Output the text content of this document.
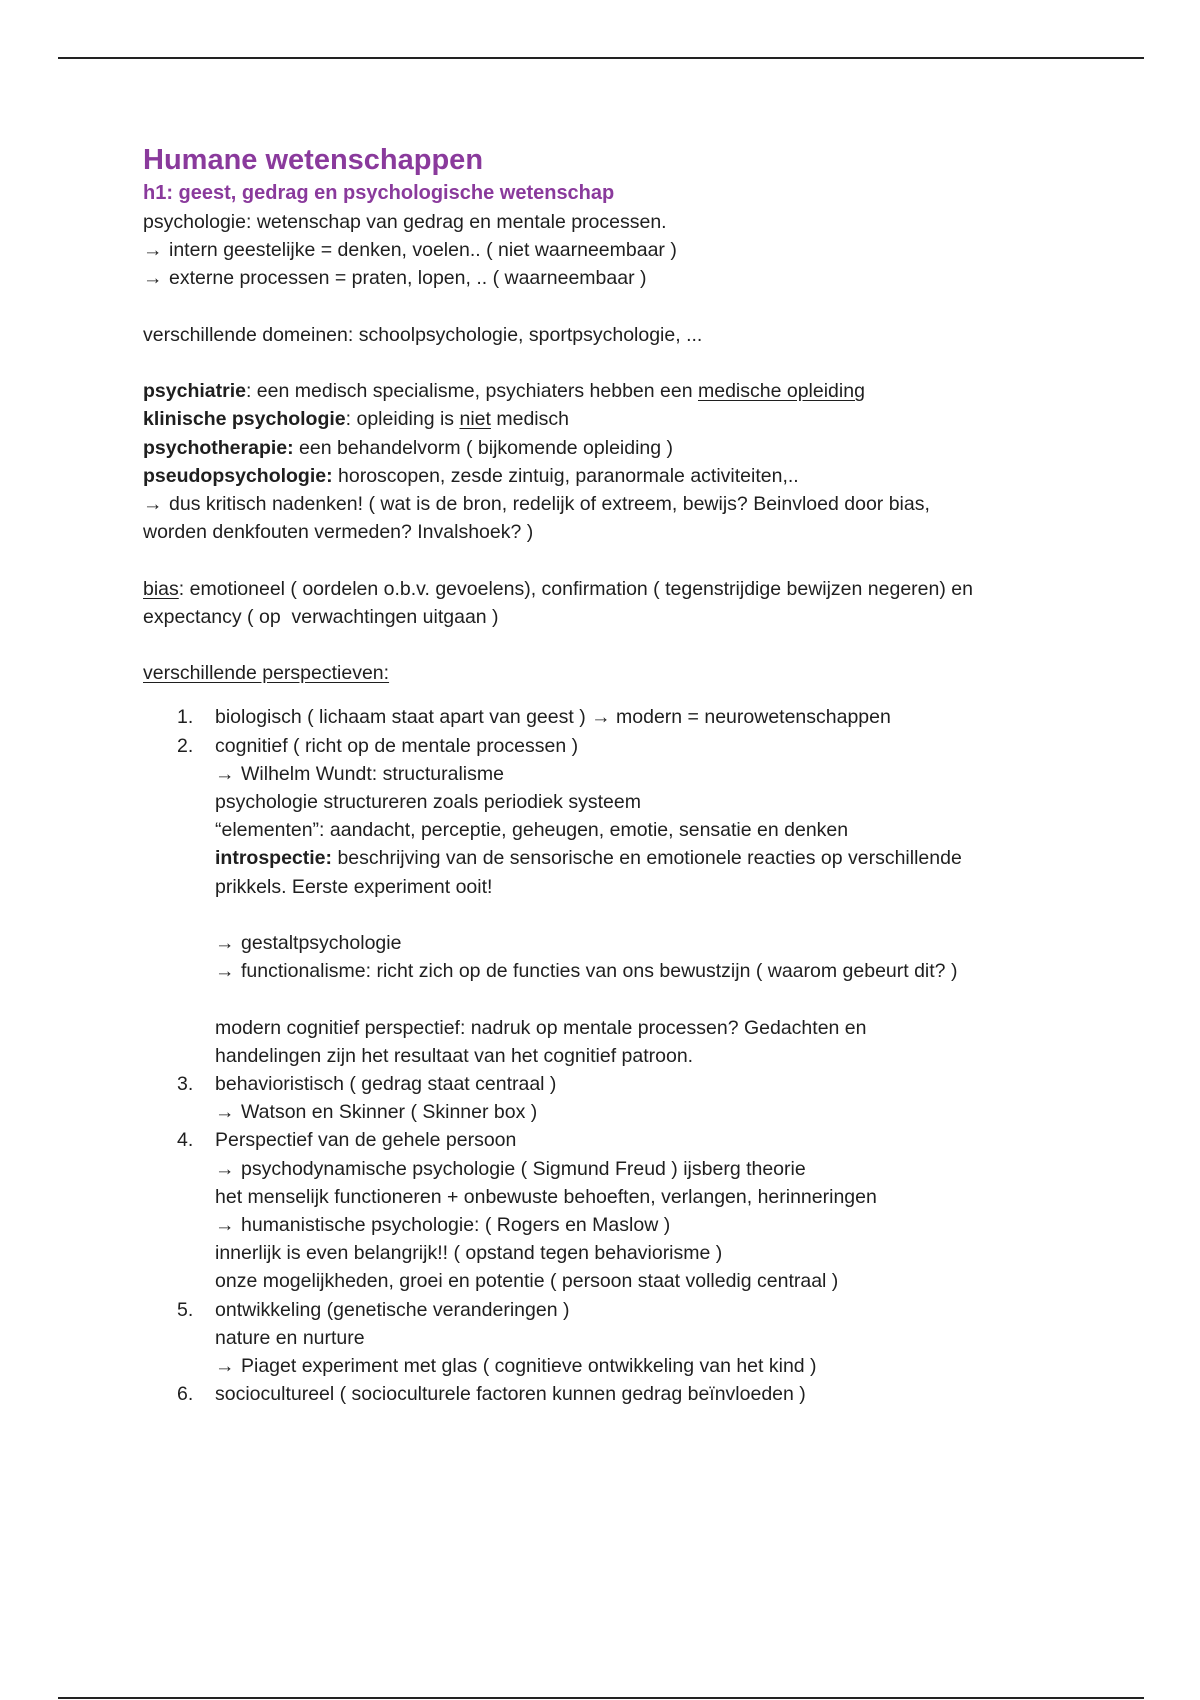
Humane wetenschappen
h1: geest, gedrag en psychologische wetenschap
psychologie: wetenschap van gedrag en mentale processen.
→ intern geestelijke = denken, voelen.. ( niet waarneembaar )
→ externe processen = praten, lopen, .. ( waarneembaar )
verschillende domeinen: schoolpsychologie, sportpsychologie, ...
psychiatrie: een medisch specialisme, psychiaters hebben een medische opleiding
klinische psychologie: opleiding is niet medisch
psychotherapie: een behandelvorm ( bijkomende opleiding )
pseudopsychologie: horoscopen, zesde zintuig, paranormale activiteiten,..
→ dus kritisch nadenken! ( wat is de bron, redelijk of extreem, bewijs? Beinvloed door bias,
worden denkfouten vermeden? Invalshoek? )
bias: emotioneel ( oordelen o.b.v. gevoelens), confirmation ( tegenstrijdige bewijzen negeren) en
expectancy ( op  verwachtingen uitgaan )
verschillende perspectieven:
1. biologisch ( lichaam staat apart van geest ) → modern = neurowetenschappen
2. cognitief ( richt op de mentale processen )
→ Wilhelm Wundt: structuralisme
psychologie structureren zoals periodiek systeem
“elementen”: aandacht, perceptie, geheugen, emotie, sensatie en denken
introspectie: beschrijving van de sensorische en emotionele reacties op verschillende
prikkels. Eerste experiment ooit!
→ gestaltpsychologie
→ functionalisme: richt zich op de functies van ons bewustzijn ( waarom gebeurt dit? )
modern cognitief perspectief: nadruk op mentale processen? Gedachten en
handelingen zijn het resultaat van het cognitief patroon.
3. behavioristisch ( gedrag staat centraal )
→ Watson en Skinner ( Skinner box )
4. Perspectief van de gehele persoon
→ psychodynamische psychologie ( Sigmund Freud ) ijsberg theorie
het menselijk functioneren + onbewuste behoeften, verlangen, herinneringen
→ humanistische psychologie: ( Rogers en Maslow )
innerlijk is even belangrijk!! ( opstand tegen behaviorisme )
onze mogelijkheden, groei en potentie ( persoon staat volledig centraal )
5. ontwikkeling (genetische veranderingen )
nature en nurture
→ Piaget experiment met glas ( cognitieve ontwikkeling van het kind )
6. sociocultureel ( socioculturele factoren kunnen gedrag beïnvloeden )
